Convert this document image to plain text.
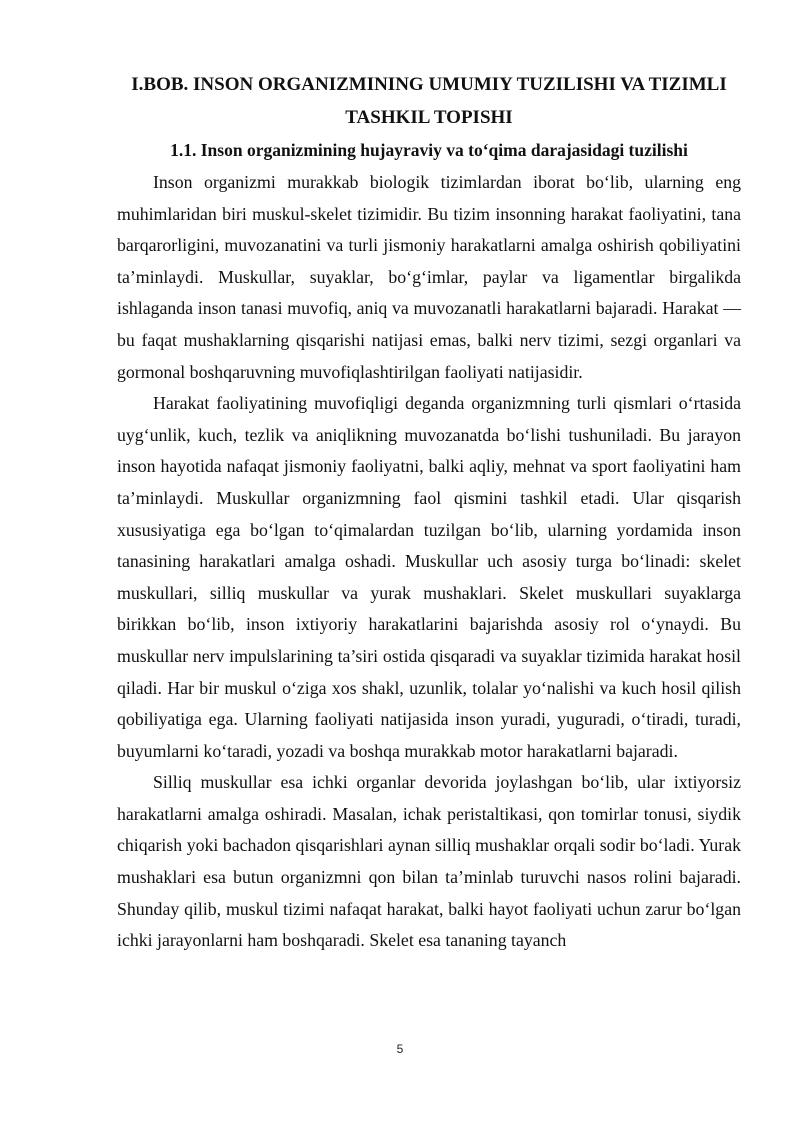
I.BOB. INSON ORGANIZMINING UMUMIY TUZILISHI VA TIZIMLI TASHKIL TOPISHI
1.1. Inson organizmining hujayraviy va to‘qima darajasidagi tuzilishi

Inson organizmi murakkab biologik tizimlardan iborat bo‘lib, ularning eng muhimlaridan biri muskul-skelet tizimidir. Bu tizim insonning harakat faoliyatini, tana barqarorligini, muvozanatini va turli jismoniy harakatlarni amalga oshirish qobiliyatini ta’minlaydi. Muskullar, suyaklar, bo‘g‘imlar, paylar va ligamentlar birgalikda ishlaganda inson tanasi muvofiq, aniq va muvozanatli harakatlarni bajaradi. Harakat — bu faqat mushaklarning qisqarishi natijasi emas, balki nerv tizimi, sezgi organlari va gormonal boshqaruvning muvofiqlashtirilgan faoliyati natijasidir.

Harakat faoliyatining muvofiqligi deganda organizmning turli qismlari o‘rtasida uyg‘unlik, kuch, tezlik va aniqlikning muvozanatda bo‘lishi tushuniladi. Bu jarayon inson hayotida nafaqat jismoniy faoliyatni, balki aqliy, mehnat va sport faoliyatini ham ta’minlaydi. Muskullar organizmning faol qismini tashkil etadi. Ular qisqarish xususiyatiga ega bo‘lgan to‘qimalardan tuzilgan bo‘lib, ularning yordamida inson tanasining harakatlari amalga oshadi. Muskullar uch asosiy turga bo‘linadi: skelet muskullari, silliq muskullar va yurak mushaklari. Skelet muskullari suyaklarga birikkan bo‘lib, inson ixtiyoriy harakatlarini bajarishda asosiy rol o‘ynaydi. Bu muskullar nerv impulslarining ta’siri ostida qisqaradi va suyaklar tizimida harakat hosil qiladi. Har bir muskul o‘ziga xos shakl, uzunlik, tolalar yo‘nalishi va kuch hosil qilish qobiliyatiga ega. Ularning faoliyati natijasida inson yuradi, yuguradi, o‘tiradi, turadi, buyumlarni ko‘taradi, yozadi va boshqa murakkab motor harakatlarni bajaradi.

Silliq muskullar esa ichki organlar devorida joylashgan bo‘lib, ular ixtiyorsiz harakatlarni amalga oshiradi. Masalan, ichak peristaltikasi, qon tomirlar tonusi, siydik chiqarish yoki bachadon qisqarishlari aynan silliq mushaklar orqali sodir bo‘ladi. Yurak mushaklari esa butun organizmni qon bilan ta’minlab turuvchi nasos rolini bajaradi. Shunday qilib, muskul tizimi nafaqat harakat, balki hayot faoliyati uchun zarur bo‘lgan ichki jarayonlarni ham boshqaradi. Skelet esa tananing tayanch

5
